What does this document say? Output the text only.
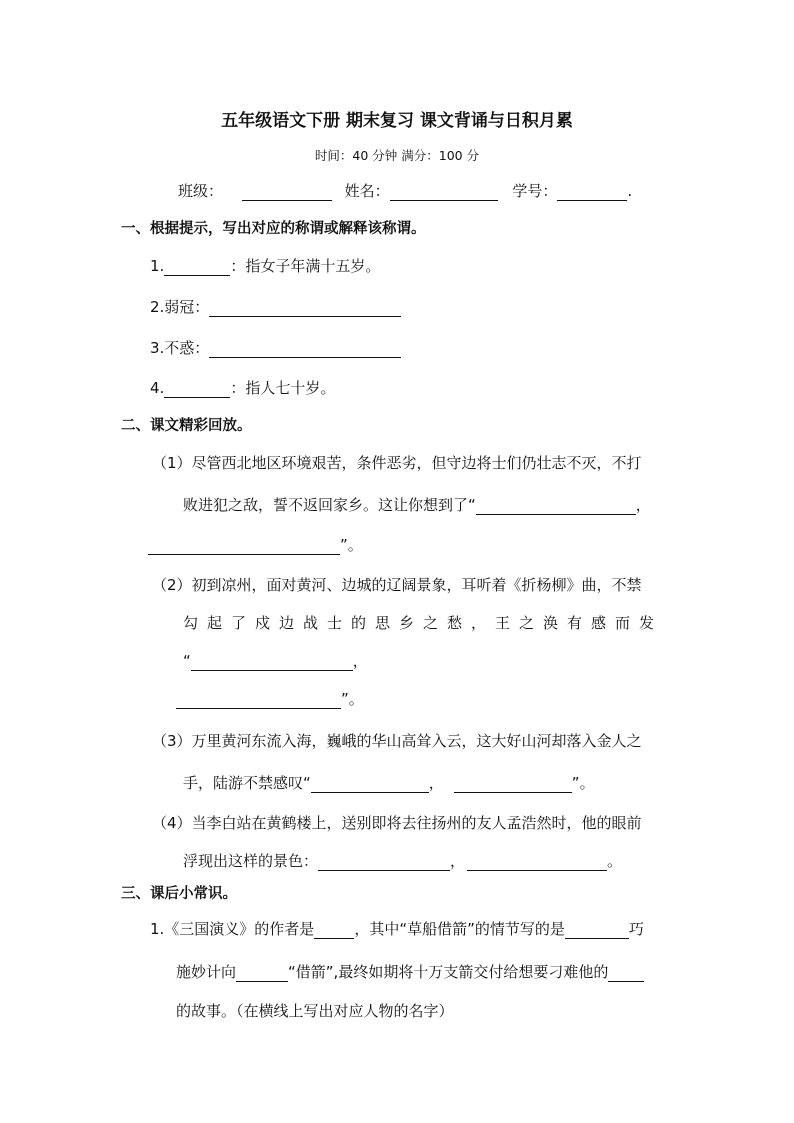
五年级语文下册 期末复习 课文背诵与日积月累
时间：40 分钟 满分：100 分
班级：	姓名：	学号：	.
一、根据提示，写出对应的称谓或解释该称谓。
1.	：指女子年满十五岁。
2.弱冠：
3.不惑：
4.	：指人七十岁。
二、课文精彩回放。
（1）尽管西北地区环境艰苦，条件恶劣，但守边将士们仍壮志不灭，不打
败进犯之敌，誓不返回家乡。这让你想到了“	，
”。
（2）初到凉州，面对黄河、边城的辽阔景象，耳听着《折杨柳》曲，不禁
勾起了戍边战士的思乡之愁，王之涣有感而发
“	，
”。
（3）万里黄河东流入海，巍峨的华山高耸入云，这大好山河却落入金人之
手，陆游不禁感叹“	，	”。
（4）当李白站在黄鹤楼上，送别即将去往扬州的友人孟浩然时，他的眼前
浮现出这样的景色：	，	。
三、课后小常识。
1.《三国演义》的作者是	，其中“草船借箭”的情节写的是	巧
施妙计向	“借箭”,最终如期将十万支箭交付给想要刁难他的
的故事。（在横线上写出对应人物的名字）
